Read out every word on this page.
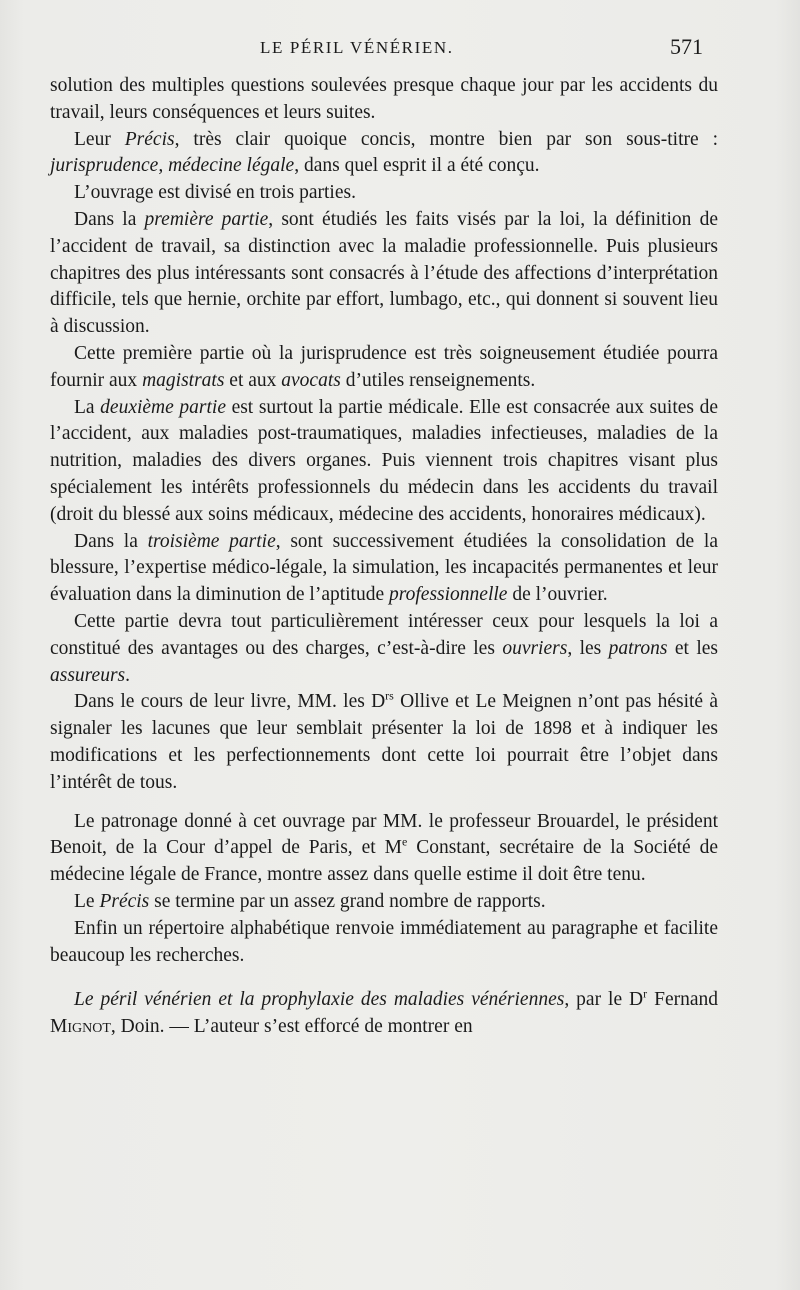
LE PÉRIL VÉNÉRIEN.	571

solution des multiples questions soulevées presque chaque jour par les accidents du travail, leurs conséquences et leurs suites.

Leur Précis, très clair quoique concis, montre bien par son sous-titre : jurisprudence, médecine légale, dans quel esprit il a été conçu.

L’ouvrage est divisé en trois parties.

Dans la première partie, sont étudiés les faits visés par la loi, la définition de l’accident de travail, sa distinction avec la maladie professionnelle. Puis plusieurs chapitres des plus intéressants sont consacrés à l’étude des affections d’interprétation difficile, tels que hernie, orchite par effort, lumbago, etc., qui donnent si souvent lieu à discussion.

Cette première partie où la jurisprudence est très soigneusement étudiée pourra fournir aux magistrats et aux avocats d’utiles renseignements.

La deuxième partie est surtout la partie médicale. Elle est consacrée aux suites de l’accident, aux maladies post-traumatiques, maladies infectieuses, maladies de la nutrition, maladies des divers organes. Puis viennent trois chapitres visant plus spécialement les intérêts professionnels du médecin dans les accidents du travail (droit du blessé aux soins médicaux, médecine des accidents, honoraires médicaux).

Dans la troisième partie, sont successivement étudiées la consolidation de la blessure, l’expertise médico-légale, la simulation, les incapacités permanentes et leur évaluation dans la diminution de l’aptitude professionnelle de l’ouvrier.

Cette partie devra tout particulièrement intéresser ceux pour lesquels la loi a constitué des avantages ou des charges, c’est-à-dire les ouvriers, les patrons et les assureurs.

Dans le cours de leur livre, MM. les $D^{rs}$ Ollive et Le Meignen n’ont pas hésité à signaler les lacunes que leur semblait présenter la loi de 1898 et à indiquer les modifications et les perfectionnements dont cette loi pourrait être l’objet dans l’intérêt de tous.

Le patronage donné à cet ouvrage par MM. le professeur Brouardel, le président Benoit, de la Cour d’appel de Paris, et Me Constant, secrétaire de la Société de médecine légale de France, montre assez dans quelle estime il doit être tenu.

Le Précis se termine par un assez grand nombre de rapports.

Enfin un répertoire alphabétique renvoie immédiatement au paragraphe et facilite beaucoup les recherches.

Le péril vénérien et la prophylaxie des maladies vénériennes, par le $D^r$ Fernand Mignot, Doin. — L’auteur s’est efforcé de montrer en
